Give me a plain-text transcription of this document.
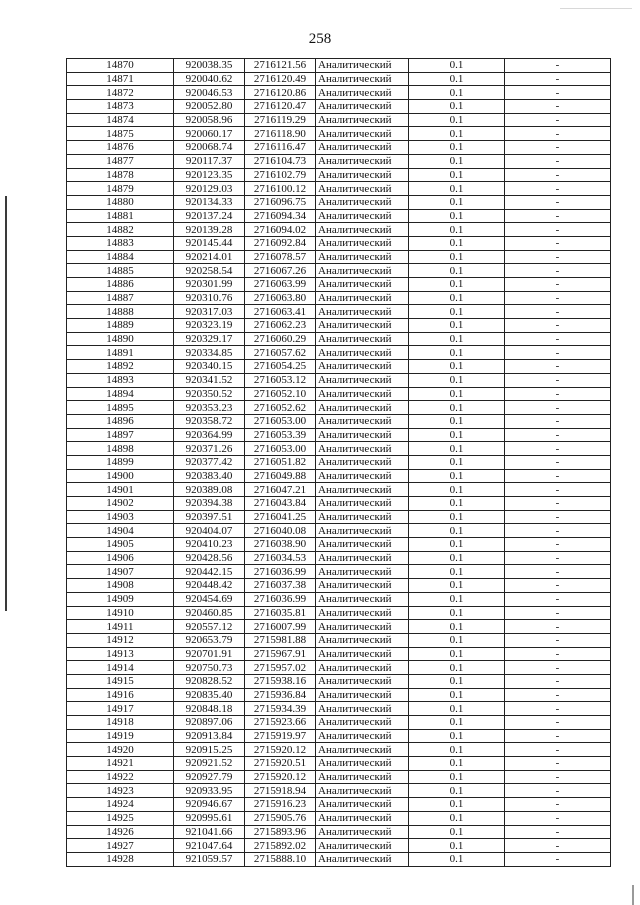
258
14870	920038.35	2716121.56	Аналитический	0.1	-
14871	920040.62	2716120.49	Аналитический	0.1	-
14872	920046.53	2716120.86	Аналитический	0.1	-
14873	920052.80	2716120.47	Аналитический	0.1	-
14874	920058.96	2716119.29	Аналитический	0.1	-
14875	920060.17	2716118.90	Аналитический	0.1	-
14876	920068.74	2716116.47	Аналитический	0.1	-
14877	920117.37	2716104.73	Аналитический	0.1	-
14878	920123.35	2716102.79	Аналитический	0.1	-
14879	920129.03	2716100.12	Аналитический	0.1	-
14880	920134.33	2716096.75	Аналитический	0.1	-
14881	920137.24	2716094.34	Аналитический	0.1	-
14882	920139.28	2716094.02	Аналитический	0.1	-
14883	920145.44	2716092.84	Аналитический	0.1	-
14884	920214.01	2716078.57	Аналитический	0.1	-
14885	920258.54	2716067.26	Аналитический	0.1	-
14886	920301.99	2716063.99	Аналитический	0.1	-
14887	920310.76	2716063.80	Аналитический	0.1	-
14888	920317.03	2716063.41	Аналитический	0.1	-
14889	920323.19	2716062.23	Аналитический	0.1	-
14890	920329.17	2716060.29	Аналитический	0.1	-
14891	920334.85	2716057.62	Аналитический	0.1	-
14892	920340.15	2716054.25	Аналитический	0.1	-
14893	920341.52	2716053.12	Аналитический	0.1	-
14894	920350.52	2716052.10	Аналитический	0.1	-
14895	920353.23	2716052.62	Аналитический	0.1	-
14896	920358.72	2716053.00	Аналитический	0.1	-
14897	920364.99	2716053.39	Аналитический	0.1	-
14898	920371.26	2716053.00	Аналитический	0.1	-
14899	920377.42	2716051.82	Аналитический	0.1	-
14900	920383.40	2716049.88	Аналитический	0.1	-
14901	920389.08	2716047.21	Аналитический	0.1	-
14902	920394.38	2716043.84	Аналитический	0.1	-
14903	920397.51	2716041.25	Аналитический	0.1	-
14904	920404.07	2716040.08	Аналитический	0.1	-
14905	920410.23	2716038.90	Аналитический	0.1	-
14906	920428.56	2716034.53	Аналитический	0.1	-
14907	920442.15	2716036.99	Аналитический	0.1	-
14908	920448.42	2716037.38	Аналитический	0.1	-
14909	920454.69	2716036.99	Аналитический	0.1	-
14910	920460.85	2716035.81	Аналитический	0.1	-
14911	920557.12	2716007.99	Аналитический	0.1	-
14912	920653.79	2715981.88	Аналитический	0.1	-
14913	920701.91	2715967.91	Аналитический	0.1	-
14914	920750.73	2715957.02	Аналитический	0.1	-
14915	920828.52	2715938.16	Аналитический	0.1	-
14916	920835.40	2715936.84	Аналитический	0.1	-
14917	920848.18	2715934.39	Аналитический	0.1	-
14918	920897.06	2715923.66	Аналитический	0.1	-
14919	920913.84	2715919.97	Аналитический	0.1	-
14920	920915.25	2715920.12	Аналитический	0.1	-
14921	920921.52	2715920.51	Аналитический	0.1	-
14922	920927.79	2715920.12	Аналитический	0.1	-
14923	920933.95	2715918.94	Аналитический	0.1	-
14924	920946.67	2715916.23	Аналитический	0.1	-
14925	920995.61	2715905.76	Аналитический	0.1	-
14926	921041.66	2715893.96	Аналитический	0.1	-
14927	921047.64	2715892.02	Аналитический	0.1	-
14928	921059.57	2715888.10	Аналитический	0.1	-
